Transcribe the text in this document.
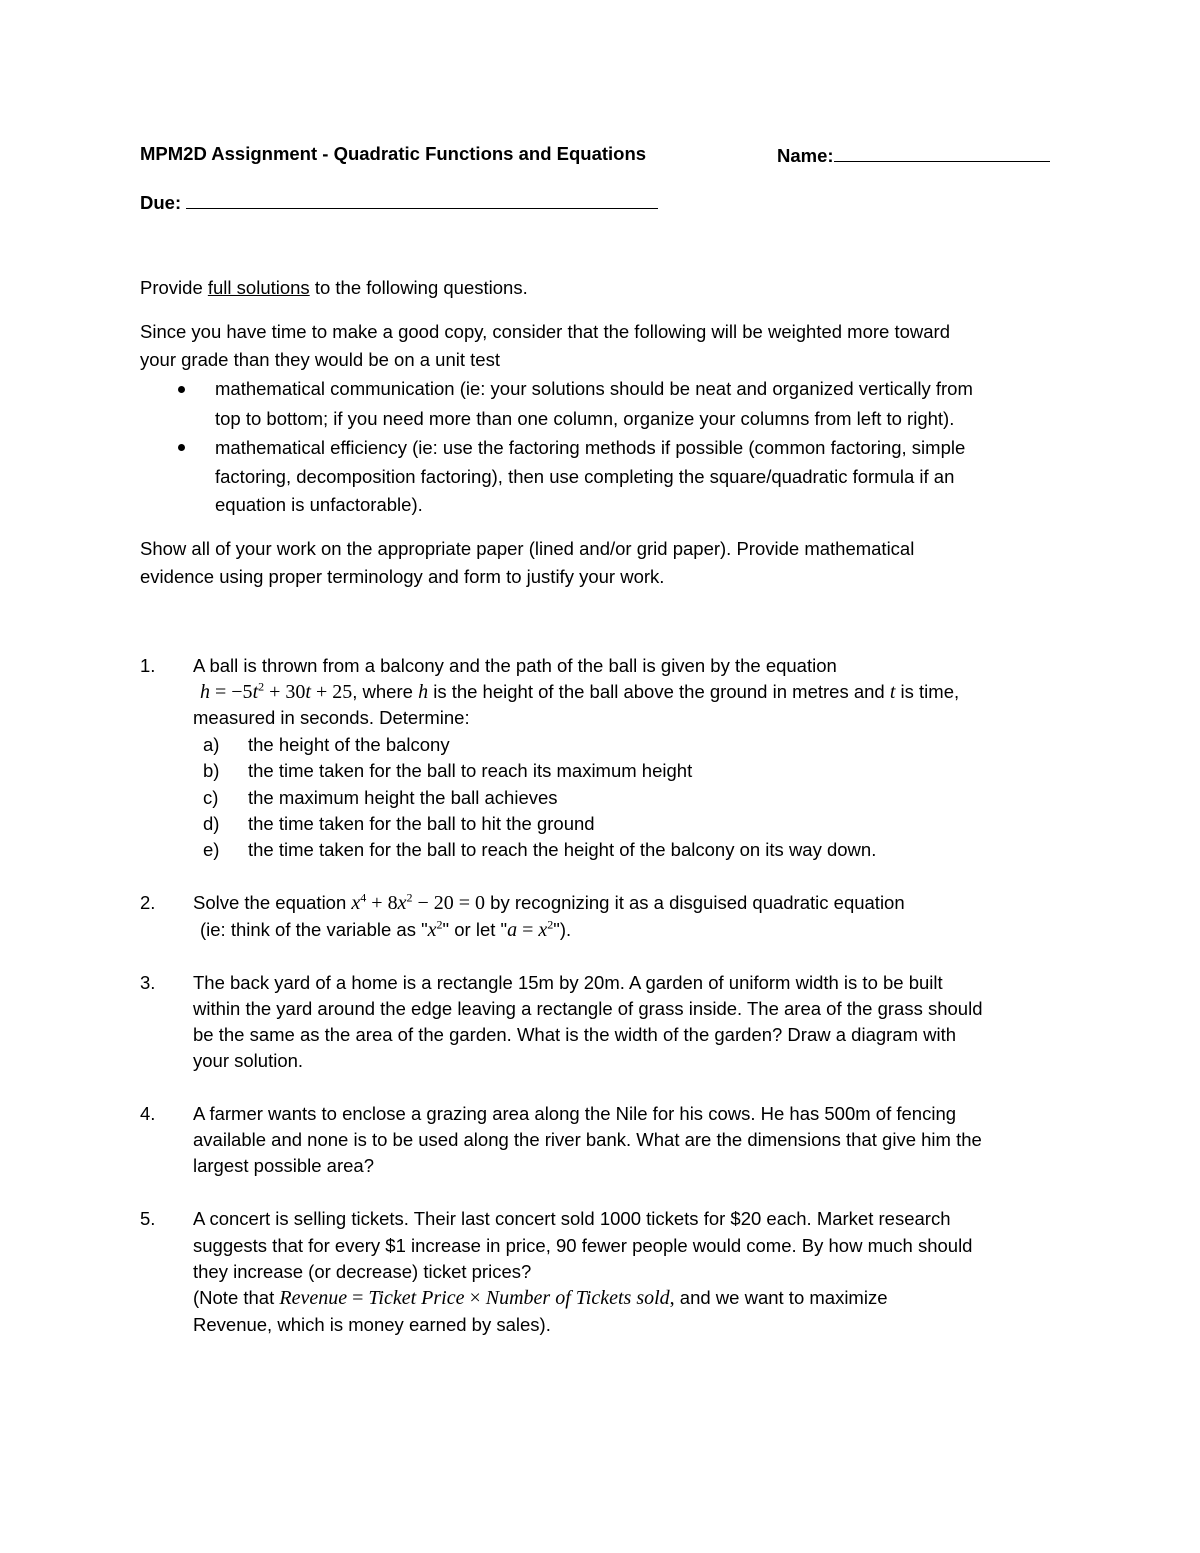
MPM2D Assignment - Quadratic Functions and Equations	Name:
Due:
Provide full solutions to the following questions.
Since you have time to make a good copy, consider that the following will be weighted more toward
your grade than they would be on a unit test
mathematical communication (ie: your solutions should be neat and organized vertically from
top to bottom; if you need more than one column, organize your columns from left to right).
mathematical efficiency (ie: use the factoring methods if possible (common factoring, simple
factoring, decomposition factoring), then use completing the square/quadratic formula if an
equation is unfactorable).
Show all of your work on the appropriate paper (lined and/or grid paper). Provide mathematical
evidence using proper terminology and form to justify your work.
1. A ball is thrown from a balcony and the path of the ball is given by the equation
$h = -5t^2 + 30t + 25$, where h is the height of the ball above the ground in metres and t is time,
measured in seconds. Determine:
a) the height of the balcony
b) the time taken for the ball to reach its maximum height
c) the maximum height the ball achieves
d) the time taken for the ball to hit the ground
e) the time taken for the ball to reach the height of the balcony on its way down.
2. Solve the equation $x^4 + 8x^2 - 20 = 0$ by recognizing it as a disguised quadratic equation
(ie: think of the variable as "$x^2$" or let "$a = x^2$").
3. The back yard of a home is a rectangle 15m by 20m. A garden of uniform width is to be built
within the yard around the edge leaving a rectangle of grass inside. The area of the grass should
be the same as the area of the garden. What is the width of the garden? Draw a diagram with
your solution.
4. A farmer wants to enclose a grazing area along the Nile for his cows. He has 500m of fencing
available and none is to be used along the river bank. What are the dimensions that give him the
largest possible area?
5. A concert is selling tickets. Their last concert sold 1000 tickets for $20 each. Market research
suggests that for every $1 increase in price, 90 fewer people would come. By how much should
they increase (or decrease) ticket prices?
(Note that Revenue = Ticket Price × Number of Tickets sold, and we want to maximize
Revenue, which is money earned by sales).
